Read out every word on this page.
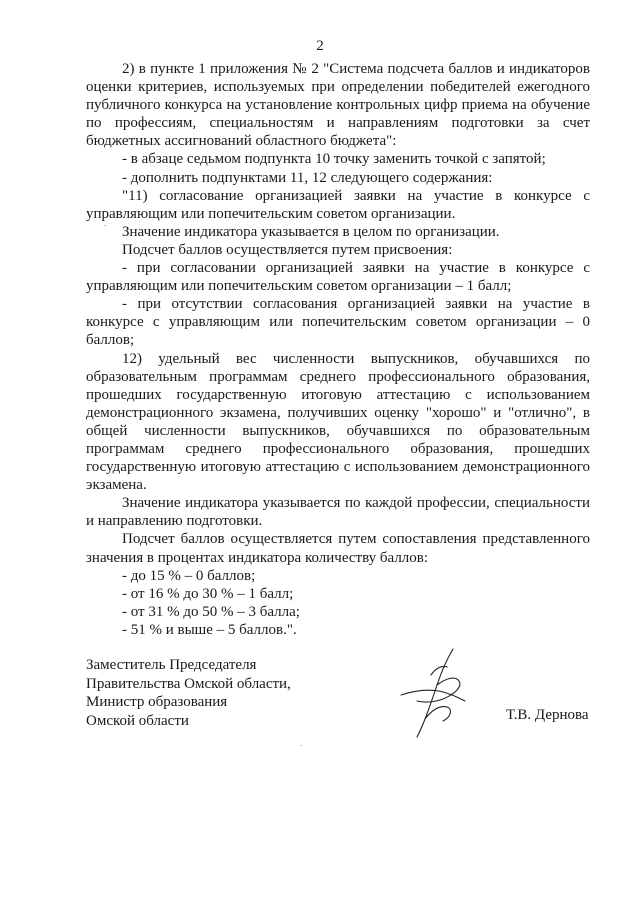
2

2) в пункте 1 приложения № 2 "Система подсчета баллов и индикаторов оценки критериев, используемых при определении победителей ежегодного публичного конкурса на установление контрольных цифр приема на обучение по профессиям, специальностям и направлениям подготовки за счет бюджетных ассигнований областного бюджета":

- в абзаце седьмом подпункта 10 точку заменить точкой с запятой;

- дополнить подпунктами 11, 12 следующего содержания:

"11) согласование организацией заявки на участие в конкурсе с управляющим или попечительским советом организации.

Значение индикатора указывается в целом по организации.

Подсчет баллов осуществляется путем присвоения:

- при согласовании организацией заявки на участие в конкурсе с управляющим или попечительским советом организации – 1 балл;

- при отсутствии согласования организацией заявки на участие в конкурсе с управляющим или попечительским советом организации – 0 баллов;

12) удельный вес численности выпускников, обучавшихся по образовательным программам среднего профессионального образования, прошедших государственную итоговую аттестацию с использованием демонстрационного экзамена, получивших оценку "хорошо" и "отлично", в общей численности выпускников, обучавшихся по образовательным программам среднего профессионального образования, прошедших государственную итоговую аттестацию с использованием демонстрационного экзамена.

Значение индикатора указывается по каждой профессии, специальности и направлению подготовки.

Подсчет баллов осуществляется путем сопоставления представленного значения в процентах индикатора количеству баллов:

- до 15 % – 0 баллов;

- от 16 % до 30 % – 1 балл;

- от 31 % до 50 % – 3 балла;

- 51 % и выше – 5 баллов.".

Заместитель Председателя
Правительства Омской области,
Министр образования
Омской области	Т.В. Дернова
